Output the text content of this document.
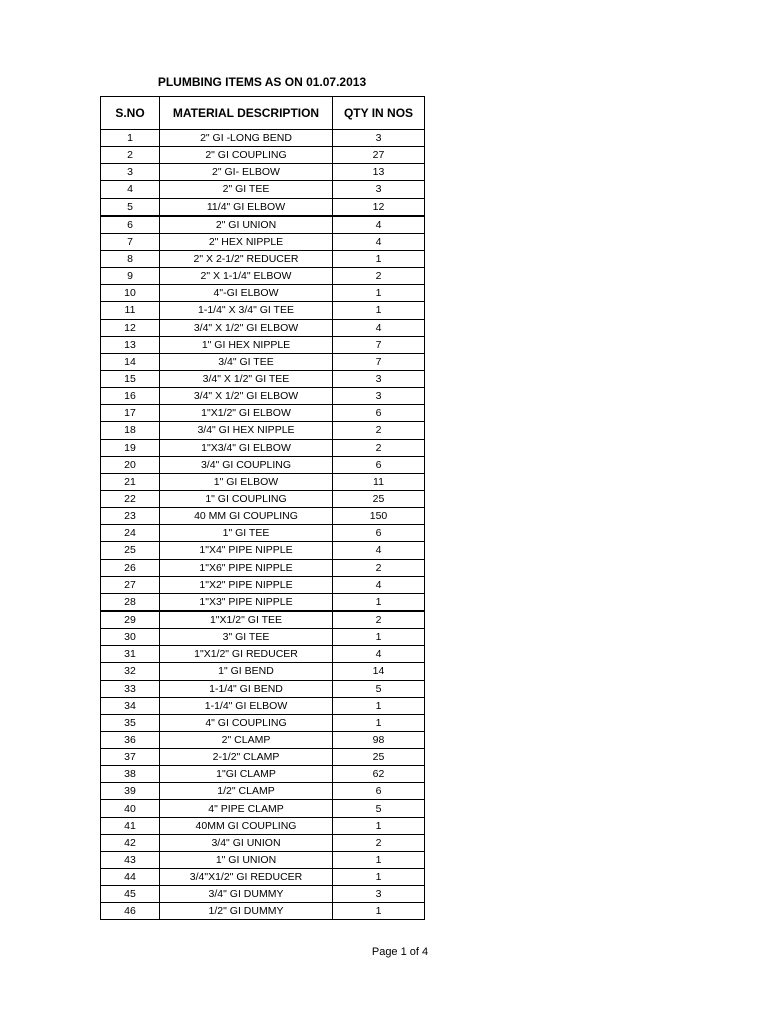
PLUMBING ITEMS AS ON 01.07.2013
S.NO	MATERIAL DESCRIPTION	QTY IN NOS
1	2" GI -LONG BEND	3
2	2" GI COUPLING	27
3	2" GI- ELBOW	13
4	2" GI TEE	3
5	11/4" GI ELBOW	12
6	2" GI UNION	4
7	2" HEX NIPPLE	4
8	2" X 2-1/2" REDUCER	1
9	2" X 1-1/4" ELBOW	2
10	4"-GI ELBOW	1
11	1-1/4" X 3/4" GI TEE	1
12	3/4" X 1/2" GI ELBOW	4
13	1" GI HEX NIPPLE	7
14	3/4" GI TEE	7
15	3/4" X 1/2" GI TEE	3
16	3/4" X 1/2" GI ELBOW	3
17	1"X1/2" GI ELBOW	6
18	3/4" GI HEX NIPPLE	2
19	1"X3/4" GI ELBOW	2
20	3/4" GI COUPLING	6
21	1" GI ELBOW	11
22	1" GI COUPLING	25
23	40 MM GI COUPLING	150
24	1" GI TEE	6
25	1"X4" PIPE NIPPLE	4
26	1"X6" PIPE NIPPLE	2
27	1"X2" PIPE NIPPLE	4
28	1"X3" PIPE NIPPLE	1
29	1"X1/2" GI TEE	2
30	3" GI TEE	1
31	1"X1/2" GI REDUCER	4
32	1" GI BEND	14
33	1-1/4" GI BEND	5
34	1-1/4" GI ELBOW	1
35	4" GI COUPLING	1
36	2" CLAMP	98
37	2-1/2" CLAMP	25
38	1"GI CLAMP	62
39	1/2" CLAMP	6
40	4" PIPE CLAMP	5
41	40MM GI COUPLING	1
42	3/4" GI UNION	2
43	1" GI UNION	1
44	3/4"X1/2" GI REDUCER	1
45	3/4" GI DUMMY	3
46	1/2" GI DUMMY	1
Page 1 of 4
